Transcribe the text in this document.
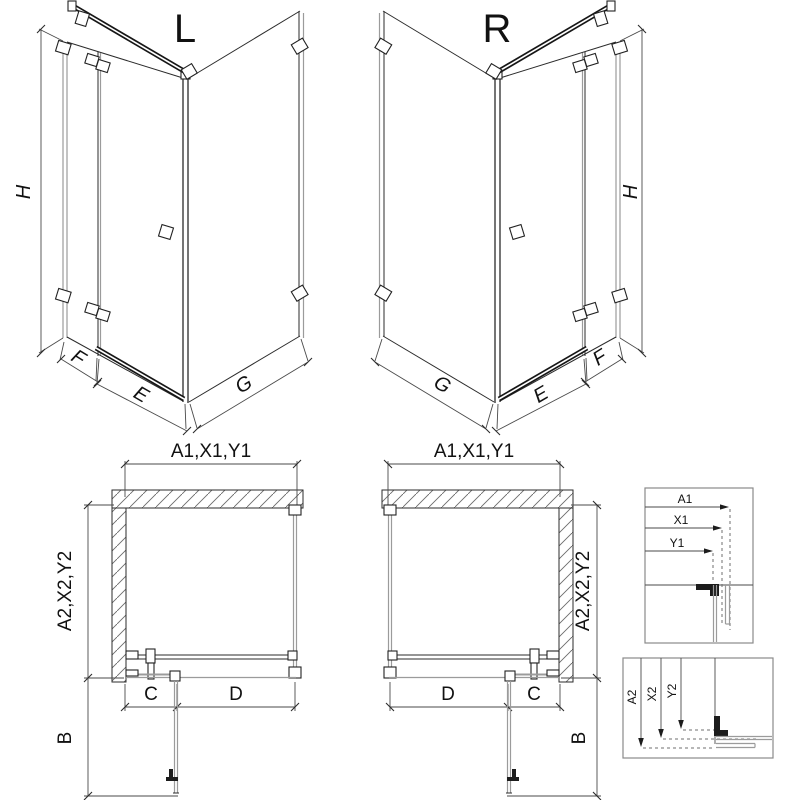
L
H
F
E	G
R
H
F
E
G
A1,X1,Y1
A2,X2,Y2
C	D
B
A1,X1,Y1
A2,X2,Y2
C
D
B
A1
X1
Y1
A2 X2 Y2
